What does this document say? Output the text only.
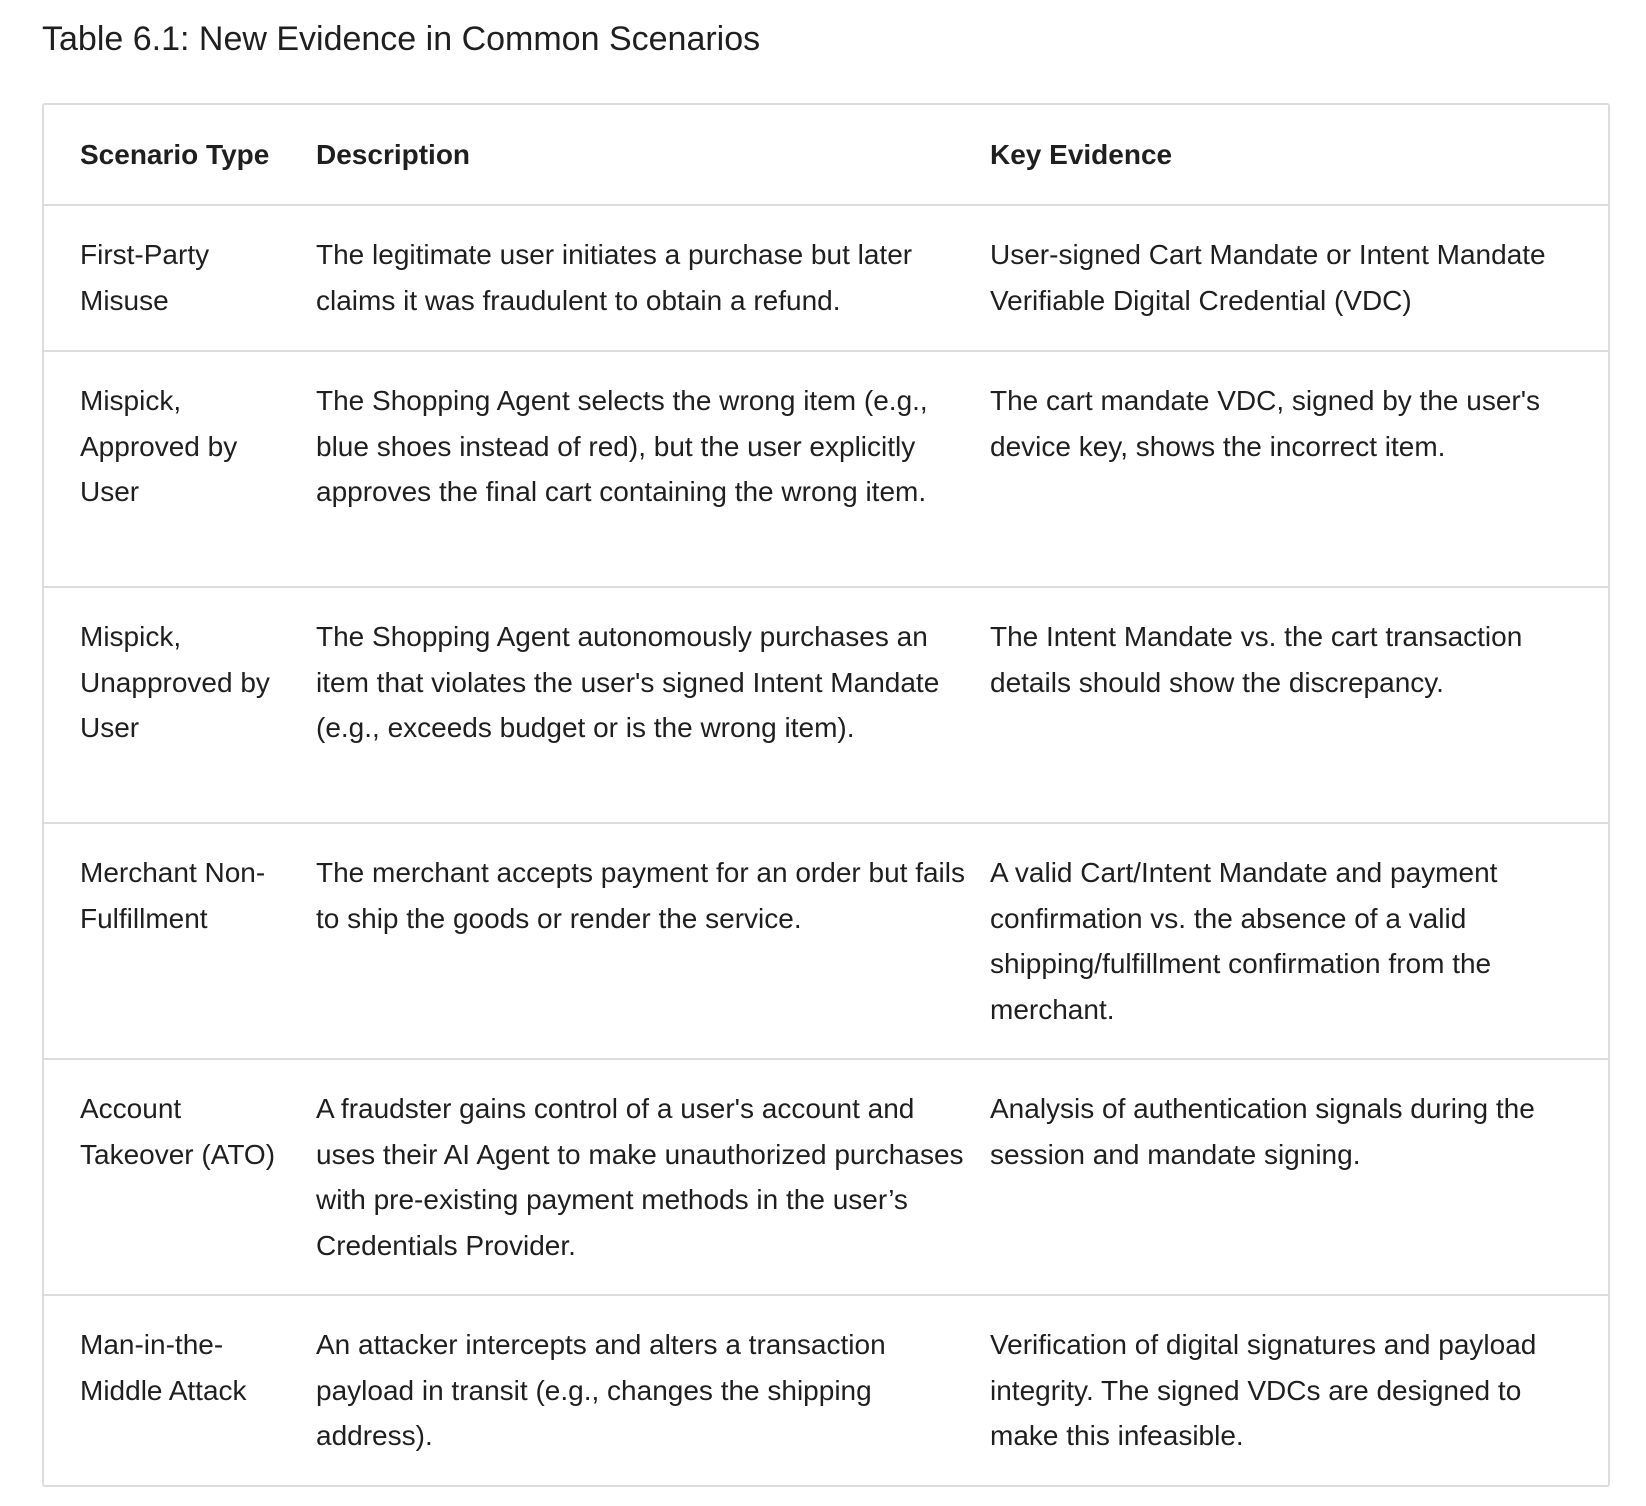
Table 6.1: New Evidence in Common Scenarios
Scenario Type	Description	Key Evidence
First-Party Misuse	The legitimate user initiates a purchase but later claims it was fraudulent to obtain a refund.	User-signed Cart Mandate or Intent Mandate Verifiable Digital Credential (VDC)
Mispick, Approved by User	The Shopping Agent selects the wrong item (e.g., blue shoes instead of red), but the user explicitly approves the final cart containing the wrong item.	The cart mandate VDC, signed by the user's device key, shows the incorrect item.
Mispick, Unapproved by User	The Shopping Agent autonomously purchases an item that violates the user's signed Intent Mandate (e.g., exceeds budget or is the wrong item).	The Intent Mandate vs. the cart transaction details should show the discrepancy.
Merchant Non-Fulfillment	The merchant accepts payment for an order but fails to ship the goods or render the service.	A valid Cart/Intent Mandate and payment confirmation vs. the absence of a valid shipping/fulfillment confirmation from the merchant.
Account Takeover (ATO)	A fraudster gains control of a user's account and uses their AI Agent to make unauthorized purchases with pre-existing payment methods in the user’s Credentials Provider.	Analysis of authentication signals during the session and mandate signing.
Man-in-the-Middle Attack	An attacker intercepts and alters a transaction payload in transit (e.g., changes the shipping address).	Verification of digital signatures and payload integrity. The signed VDCs are designed to make this infeasible.
